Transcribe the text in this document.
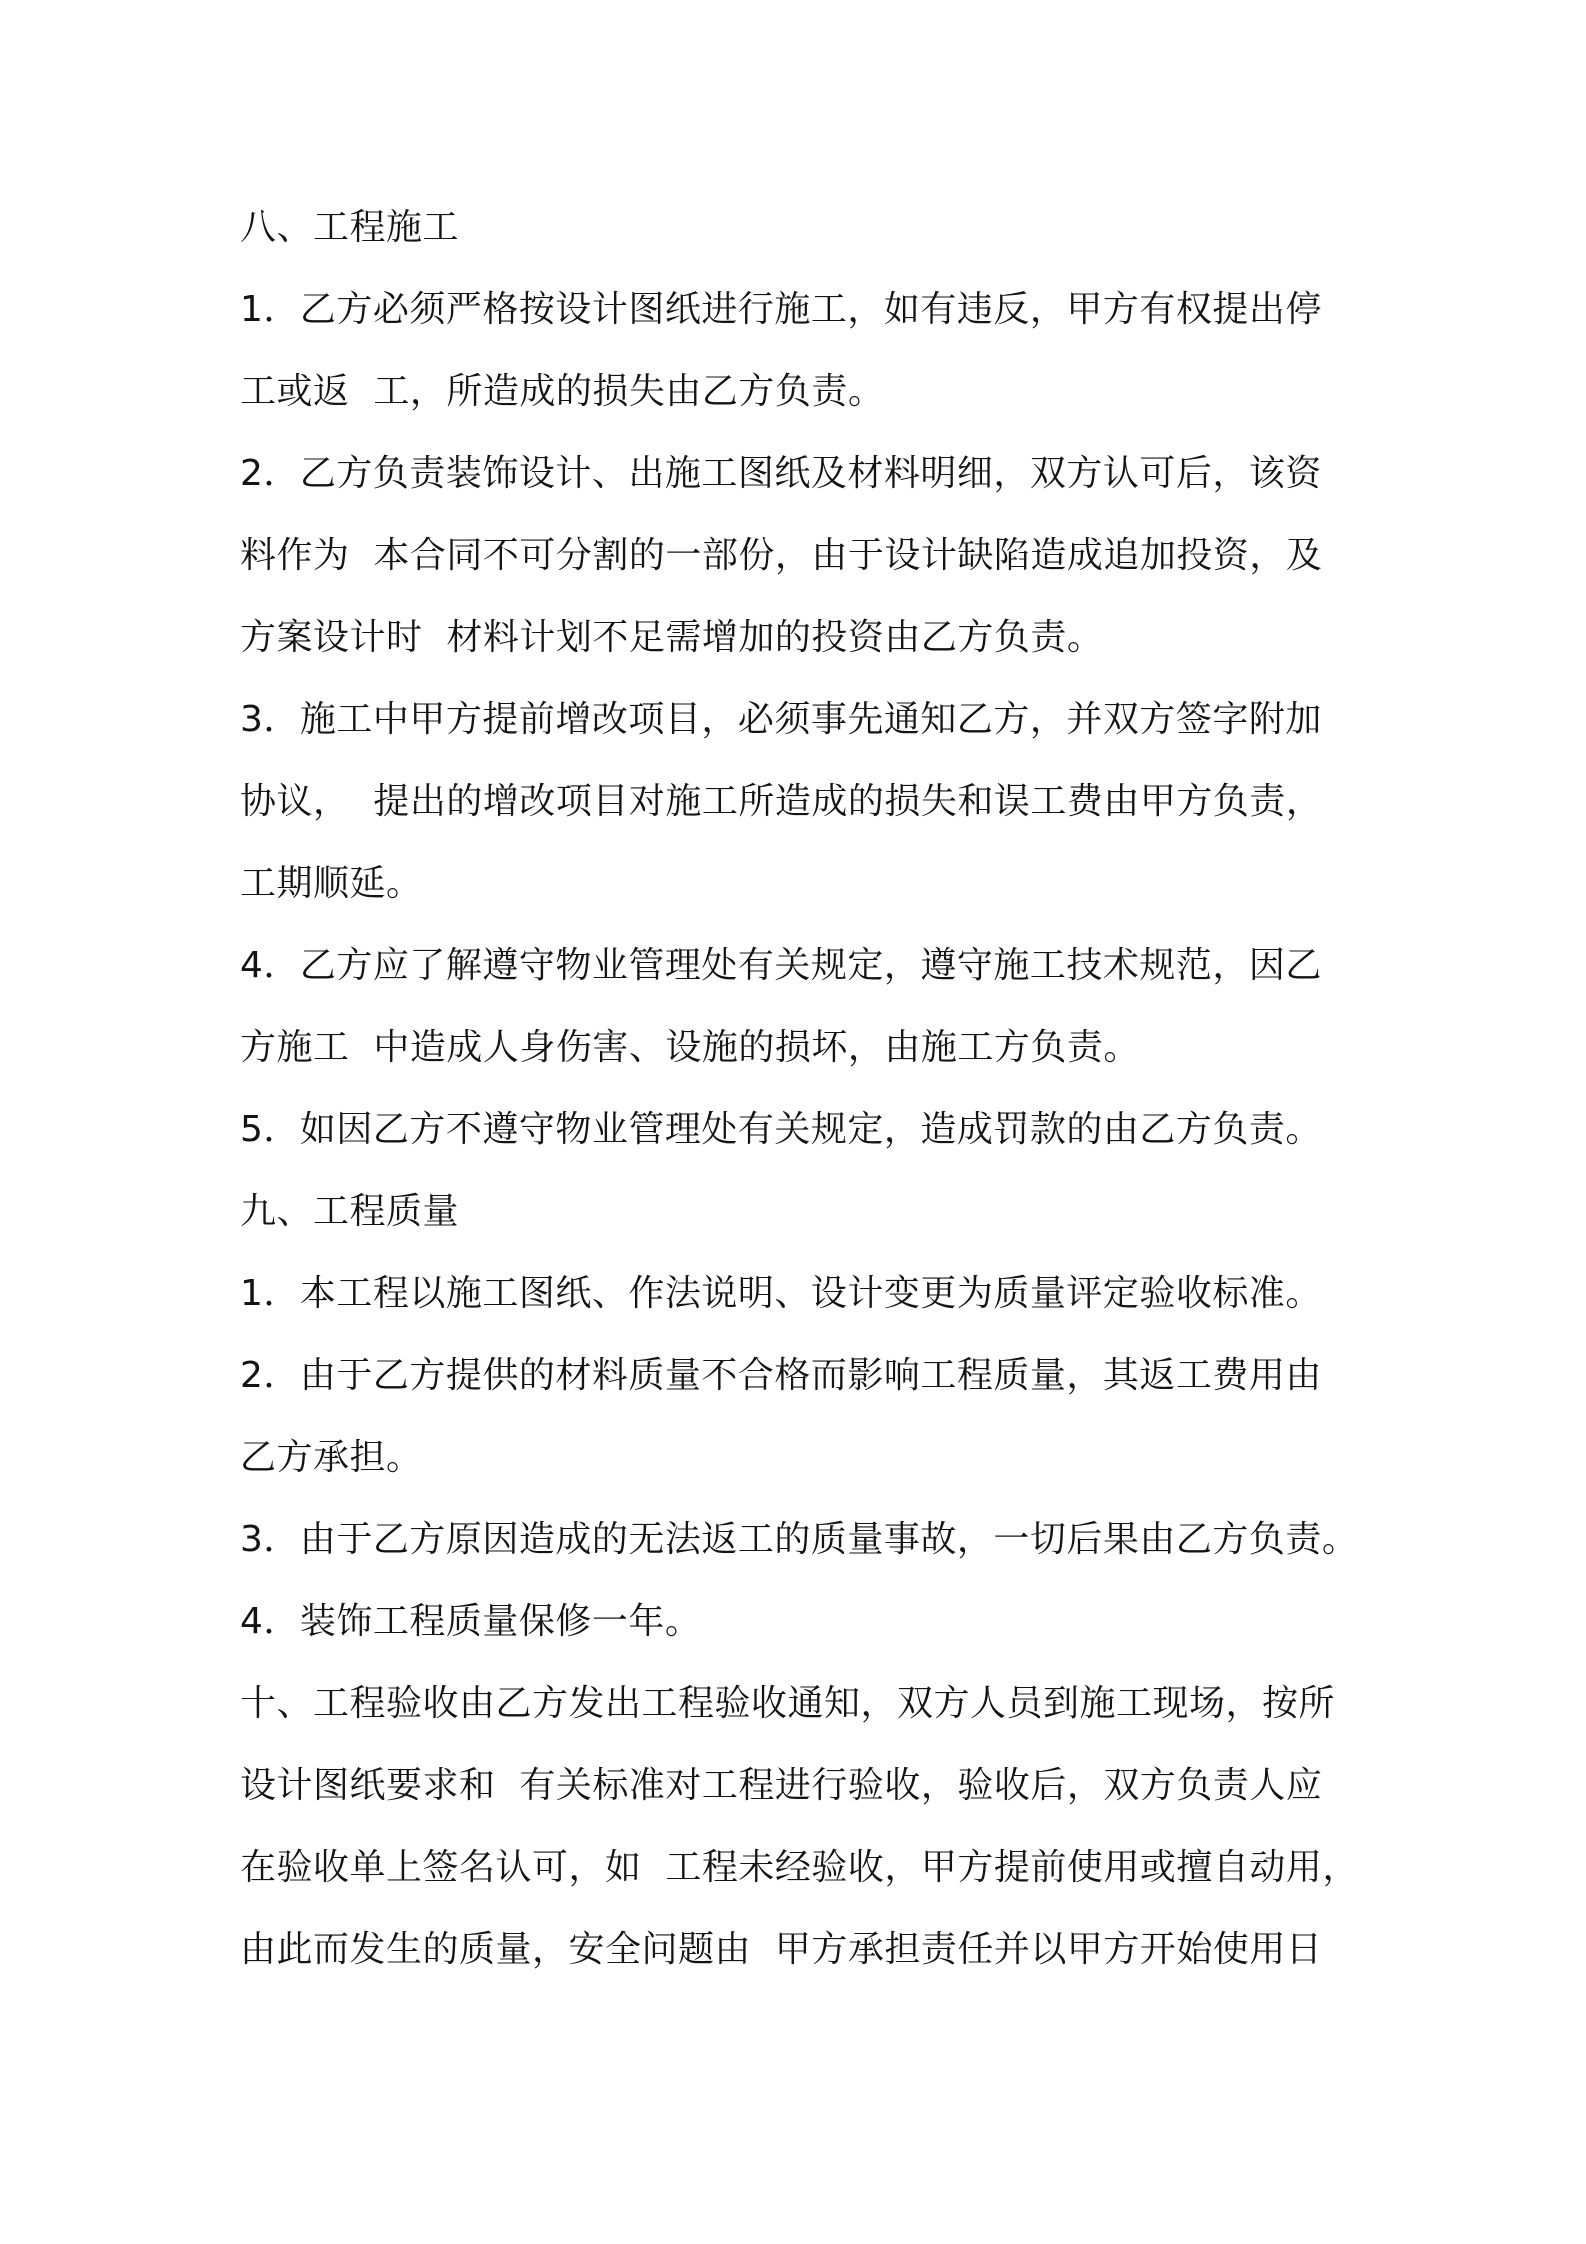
八、工程施工

1．乙方必须严格按设计图纸进行施工，如有违反，甲方有权提出停

工或返  工，所造成的损失由乙方负责。

2．乙方负责装饰设计、出施工图纸及材料明细，双方认可后，该资

料作为  本合同不可分割的一部份，由于设计缺陷造成追加投资，及

方案设计时  材料计划不足需增加的投资由乙方负责。

3．施工中甲方提前增改项目，必须事先通知乙方，并双方签字附加

协议，  提出的增改项目对施工所造成的损失和误工费由甲方负责，

工期顺延。

4．乙方应了解遵守物业管理处有关规定，遵守施工技术规范，因乙

方施工  中造成人身伤害、设施的损坏，由施工方负责。

5．如因乙方不遵守物业管理处有关规定，造成罚款的由乙方负责。

九、工程质量

1．本工程以施工图纸、作法说明、设计变更为质量评定验收标准。

2．由于乙方提供的材料质量不合格而影响工程质量，其返工费用由

乙方承担。

3．由于乙方原因造成的无法返工的质量事故，一切后果由乙方负责。

4．装饰工程质量保修一年。

十、工程验收由乙方发出工程验收通知，双方人员到施工现场，按所

设计图纸要求和  有关标准对工程进行验收，验收后，双方负责人应

在验收单上签名认可，如  工程未经验收，甲方提前使用或擅自动用，

由此而发生的质量，安全问题由  甲方承担责任并以甲方开始使用日
